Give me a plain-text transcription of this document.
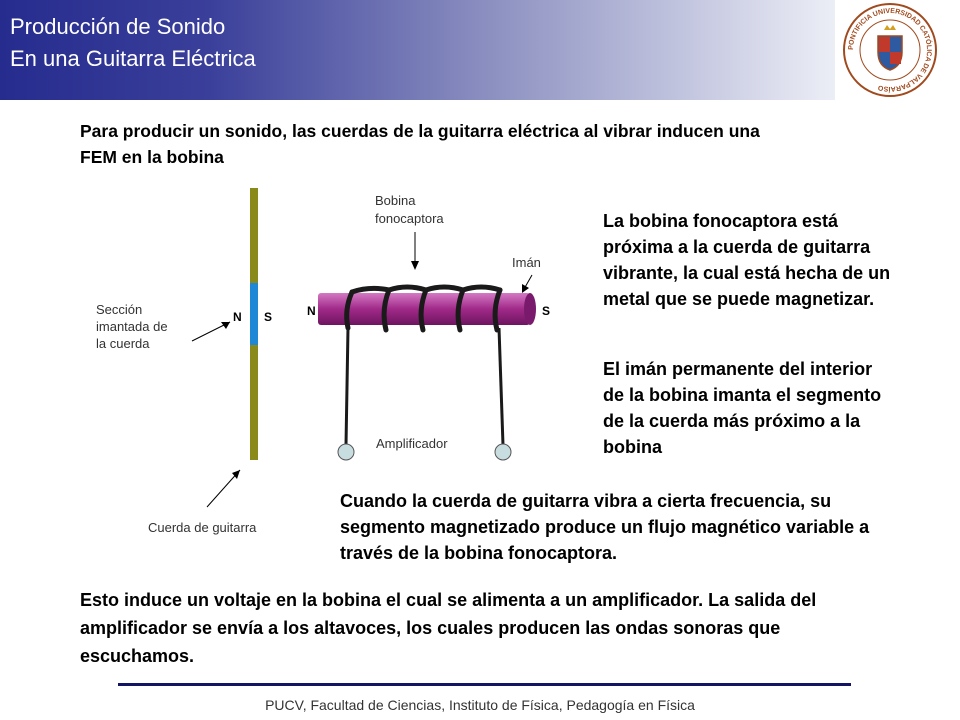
Producción de Sonido
En una Guitarra Eléctrica	PONTIFICIA UNIVERSIDAD CATÓLICA DE VALPARAÍSO

Para producir un sonido, las cuerdas de la guitarra eléctrica al vibrar inducen una FEM en la bobina

N S
Sección imantada de la cuerda
Cuerda de guitarra
N	S
Amplificador
Bobina fonocaptora
Imán

La bobina fonocaptora está próxima a la cuerda de guitarra vibrante, la cual está hecha de un metal que se puede magnetizar.

El imán permanente del interior de la bobina imanta el segmento de la cuerda más próximo a la bobina

Cuando la cuerda de guitarra vibra a cierta frecuencia, su segmento magnetizado produce un flujo magnético variable a través de la bobina fonocaptora.

Esto induce un voltaje en la bobina el cual se alimenta a un amplificador. La salida del amplificador se envía a los altavoces, los cuales producen las ondas sonoras que escuchamos.

PUCV, Facultad de Ciencias, Instituto de Física, Pedagogía en Física
